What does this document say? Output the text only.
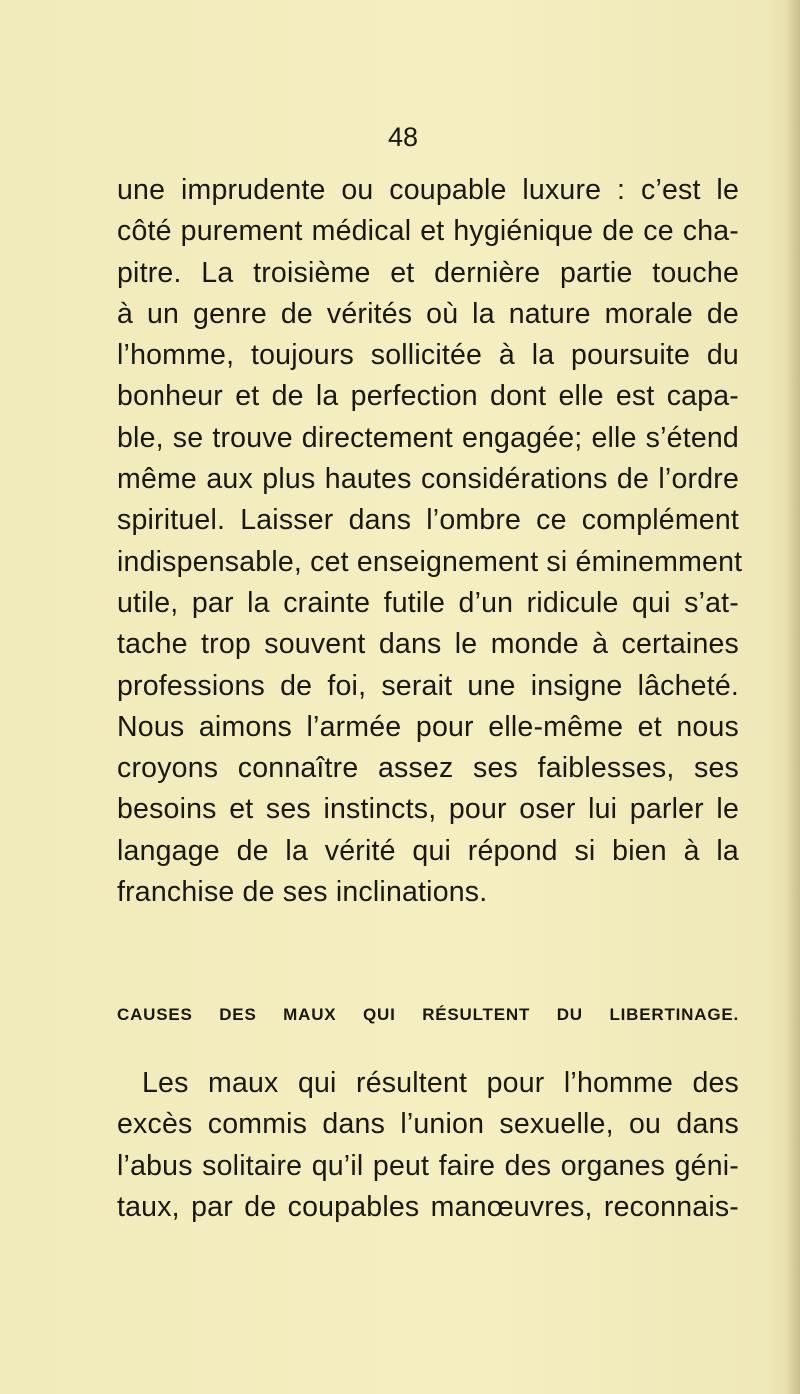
48
une imprudente ou coupable luxure : c’est le
côté purement médical et hygiénique de ce cha-
pitre. La troisième et dernière partie touche
à un genre de vérités où la nature morale de
l’homme, toujours sollicitée à la poursuite du
bonheur et de la perfection dont elle est capa-
ble, se trouve directement engagée; elle s’étend
même aux plus hautes considérations de l’ordre
spirituel. Laisser dans l’ombre ce complément
indispensable, cet enseignement si éminemment
utile, par la crainte futile d’un ridicule qui s’at-
tache trop souvent dans le monde à certaines
professions de foi, serait une insigne lâcheté.
Nous aimons l’armée pour elle-même et nous
croyons connaître assez ses faiblesses, ses
besoins et ses instincts, pour oser lui parler le
langage de la vérité qui répond si bien à la
franchise de ses inclinations.
CAUSES DES MAUX QUI RÉSULTENT DU LIBERTINAGE.
Les maux qui résultent pour l’homme des
excès commis dans l’union sexuelle, ou dans
l’abus solitaire qu’il peut faire des organes géni-
taux, par de coupables manœuvres, reconnais-
